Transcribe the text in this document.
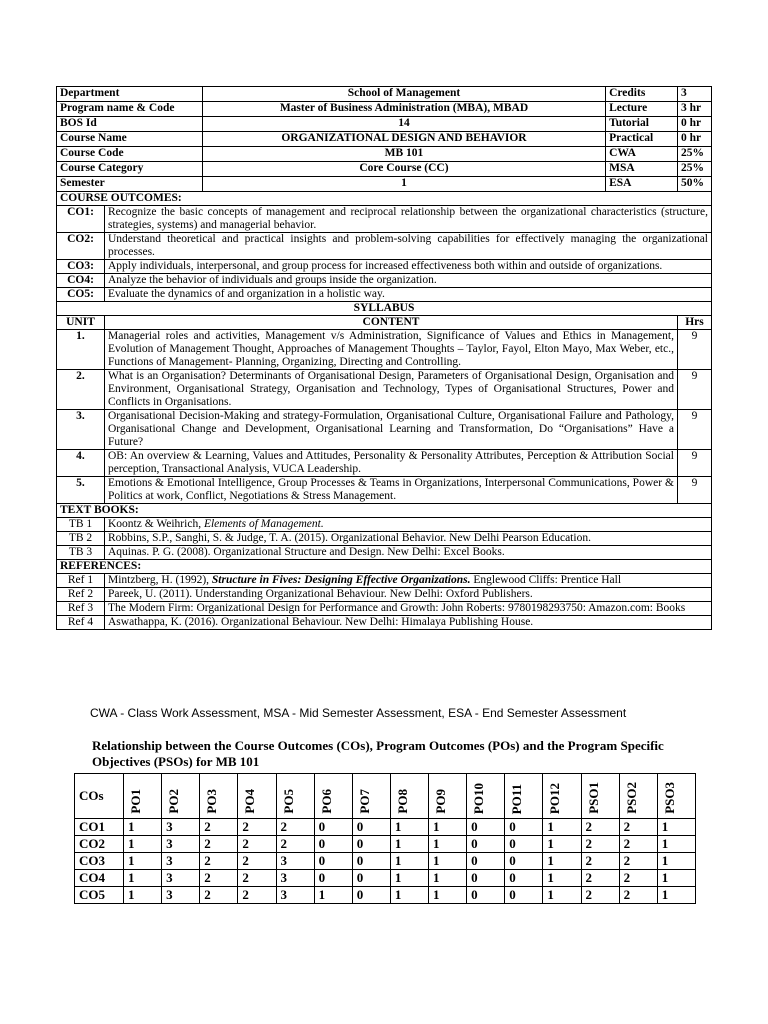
Department		School of Management	Credits	3
Program name & Code		Master of Business Administration (MBA), MBAD	Lecture	3 hr
BOS Id		14	Tutorial	0 hr
Course Name		ORGANIZATIONAL DESIGN AND BEHAVIOR	Practical	0 hr
Course Code		MB 101	CWA	25%
Course Category		Core Course (CC)	MSA	25%
Semester		1	ESA	50%
COURSE OUTCOMES:				
CO1:	Recognize the basic concepts of management and reciprocal relationship between the organizational characteristics (structure, strategies, systems) and managerial behavior.			
CO2:	Understand theoretical and practical insights and problem-solving capabilities for effectively managing the organizational processes.			
CO3:	Apply individuals, interpersonal, and group process for increased effectiveness both within and outside of organizations.			
CO4:	Analyze the behavior of individuals and groups inside the organization.			
CO5:	Evaluate the dynamics of and organization in a holistic way.			
SYLLABUS				
UNIT	CONTENT			Hrs
1.	Managerial roles and activities, Management v/s Administration, Significance of Values and Ethics in Management, Evolution of Management Thought, Approaches of Management Thoughts – Taylor, Fayol, Elton Mayo, Max Weber, etc., Functions of Management- Planning, Organizing, Directing and Controlling.			9
2.	What is an Organisation? Determinants of Organisational Design, Parameters of Organisational Design, Organisation and Environment, Organisational Strategy, Organisation and Technology, Types of Organisational Structures, Power and Conflicts in Organisations.			9
3.	Organisational Decision-Making and strategy-Formulation, Organisational Culture, Organisational Failure and Pathology, Organisational Change and Development, Organisational Learning and Transformation, Do “Organisations” Have a Future?			9
4.	OB: An overview & Learning, Values and Attitudes, Personality & Personality Attributes, Perception & Attribution Social perception, Transactional Analysis, VUCA Leadership.			9
5.	Emotions & Emotional Intelligence, Group Processes & Teams in Organizations, Interpersonal Communications, Power & Politics at work, Conflict, Negotiations & Stress Management.			9
TEXT BOOKS:				
TB 1	Koontz & Weihrich, Elements of Management.			
TB 2	Robbins, S.P., Sanghi, S. & Judge, T. A. (2015). Organizational Behavior. New Delhi Pearson Education.			
TB 3	Aquinas. P. G. (2008). Organizational Structure and Design. New Delhi: Excel Books.			
REFERENCES:				
Ref 1	Mintzberg, H. (1992), Structure in Fives: Designing Effective Organizations. Englewood Cliffs: Prentice Hall			
Ref 2	Pareek, U. (2011). Understanding Organizational Behaviour. New Delhi: Oxford Publishers.			
Ref 3	The Modern Firm: Organizational Design for Performance and Growth: John Roberts: 9780198293750: Amazon.com: Books			
Ref 4	Aswathappa, K. (2016). Organizational Behaviour. New Delhi: Himalaya Publishing House.			
CWA - Class Work Assessment, MSA - Mid Semester Assessment, ESA - End Semester Assessment
Relationship between the Course Outcomes (COs), Program Outcomes (POs) and the Program Specific Objectives (PSOs) for MB 101
COs	PO1	PO2	PO3	PO4	PO5	PO6	PO7	PO8	PO9	PO10	PO11	PO12	PSO1	PSO2	PSO3
CO1	1	3	2	2	2	0	0	1	1	0	0	1	2	2	1
CO2	1	3	2	2	2	0	0	1	1	0	0	1	2	2	1
CO3	1	3	2	2	3	0	0	1	1	0	0	1	2	2	1
CO4	1	3	2	2	3	0	0	1	1	0	0	1	2	2	1
CO5	1	3	2	2	3	1	0	1	1	0	0	1	2	2	1
